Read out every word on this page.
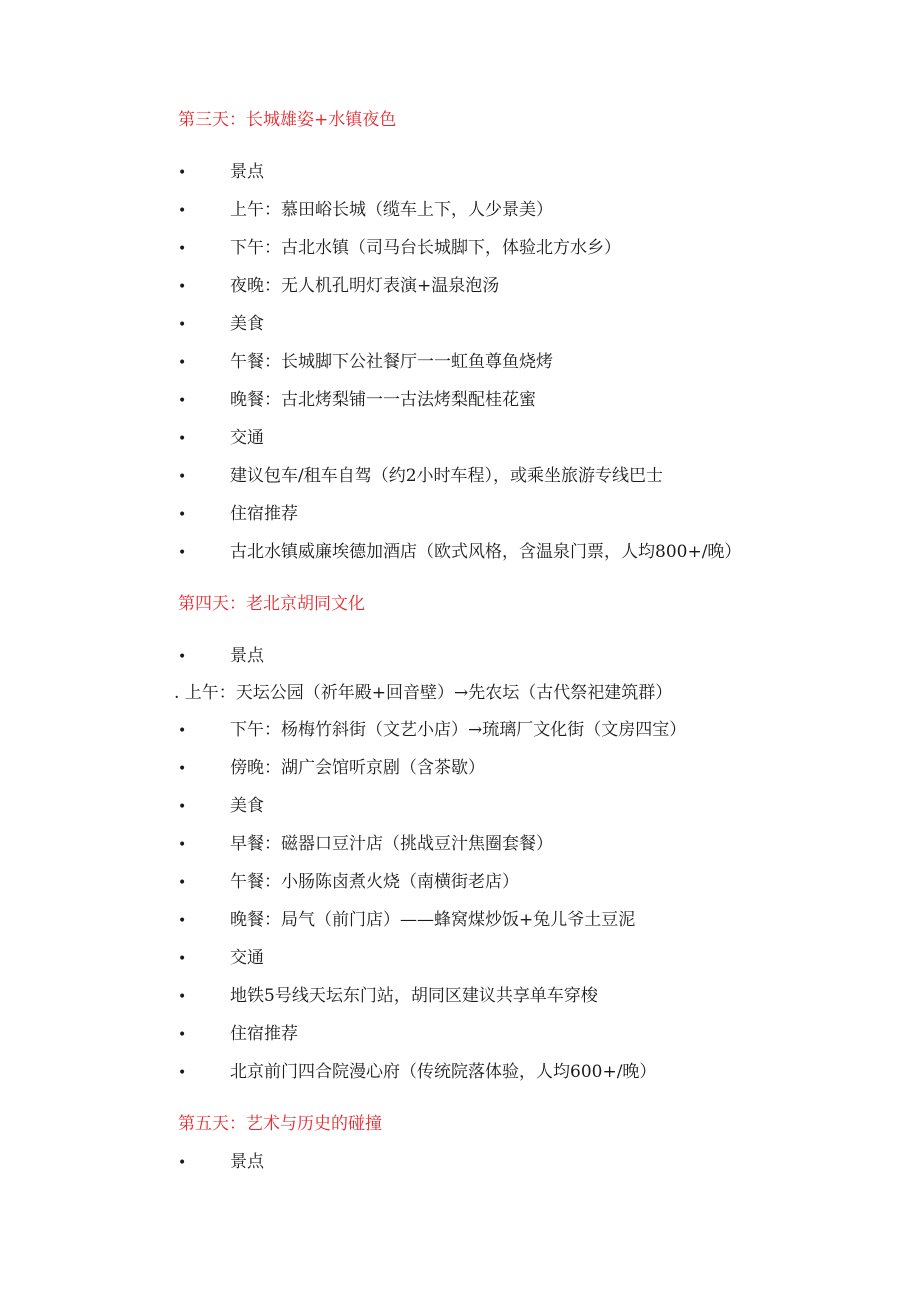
第三天：长城雄姿+水镇夜色
•	景点
•	上午：慕田峪长城（缆车上下，人少景美）
•	下午：古北水镇（司马台长城脚下，体验北方水乡）
•	夜晚：无人机孔明灯表演+温泉泡汤
•	美食
•	午餐：长城脚下公社餐厅一一虹鱼尊鱼烧烤
•	晚餐：古北烤梨铺一一古法烤梨配桂花蜜
•	交通
•	建议包车/租车自驾（约2小时车程），或乘坐旅游专线巴士
•	住宿推荐
•	古北水镇威廉埃德加酒店（欧式风格，含温泉门票，人均800+/晚）
第四天：老北京胡同文化
•	景点
. 上午：天坛公园（祈年殿+回音壁）→先农坛（古代祭祀建筑群）
•	下午：杨梅竹斜街（文艺小店）→琉璃厂文化街（文房四宝）
•	傍晚：湖广会馆听京剧（含茶歇）
•	美食
•	早餐：磁器口豆汁店（挑战豆汁焦圈套餐）
•	午餐：小肠陈卤煮火烧（南横街老店）
•	晚餐：局气（前门店）——蜂窝煤炒饭+兔儿爷土豆泥
•	交通
•	地铁5号线天坛东门站，胡同区建议共享单车穿梭
•	住宿推荐
•	北京前门四合院漫心府（传统院落体验，人均600+/晚）
第五天：艺术与历史的碰撞
•	景点
